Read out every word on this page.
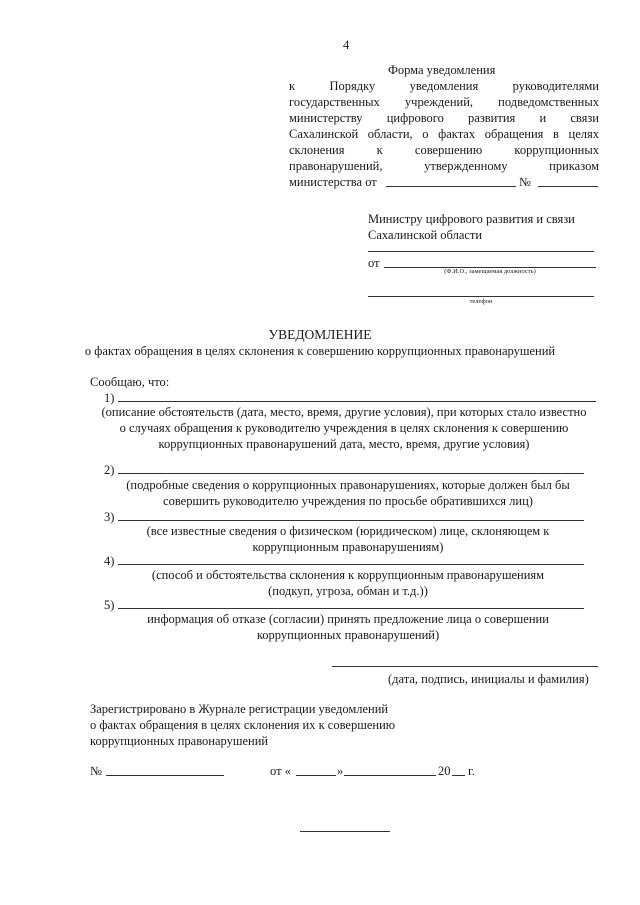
4
Форма уведомления
к Порядку уведомления руководителями
государственных учреждений, подведомственных
министерству цифрового развития и связи
Сахалинской области, о фактах обращения в целях
склонения к совершению коррупционных
правонарушений, утвержденному приказом
министерства от	№
Министру цифрового развития и связи
Сахалинской области
от
(Ф.И.О., замещаемая должность)
телефон
УВЕДОМЛЕНИЕ
о фактах обращения в целях склонения к совершению коррупционных правонарушений
Сообщаю, что:
1)
(описание обстоятельств (дата, место, время, другие условия), при которых стало известно
о случаях обращения к руководителю учреждения в целях склонения к совершению
коррупционных правонарушений дата, место, время, другие условия)
2)
(подробные сведения о коррупционных правонарушениях, которые должен был бы
совершить руководителю учреждения по просьбе обратившихся лиц)
3)
(все известные сведения о физическом (юридическом) лице, склоняющем к
коррупционным правонарушениям)
4)
(способ и обстоятельства склонения к коррупционным правонарушениям
(подкуп, угроза, обман и т.д.))
5)
информация об отказе (согласии) принять предложение лица о совершении
коррупционных правонарушений)
(дата, подпись, инициалы и фамилия)
Зарегистрировано в Журнале регистрации уведомлений
о фактах обращения в целях склонения их к совершению
коррупционных правонарушений
№	от «	»	20 г.
